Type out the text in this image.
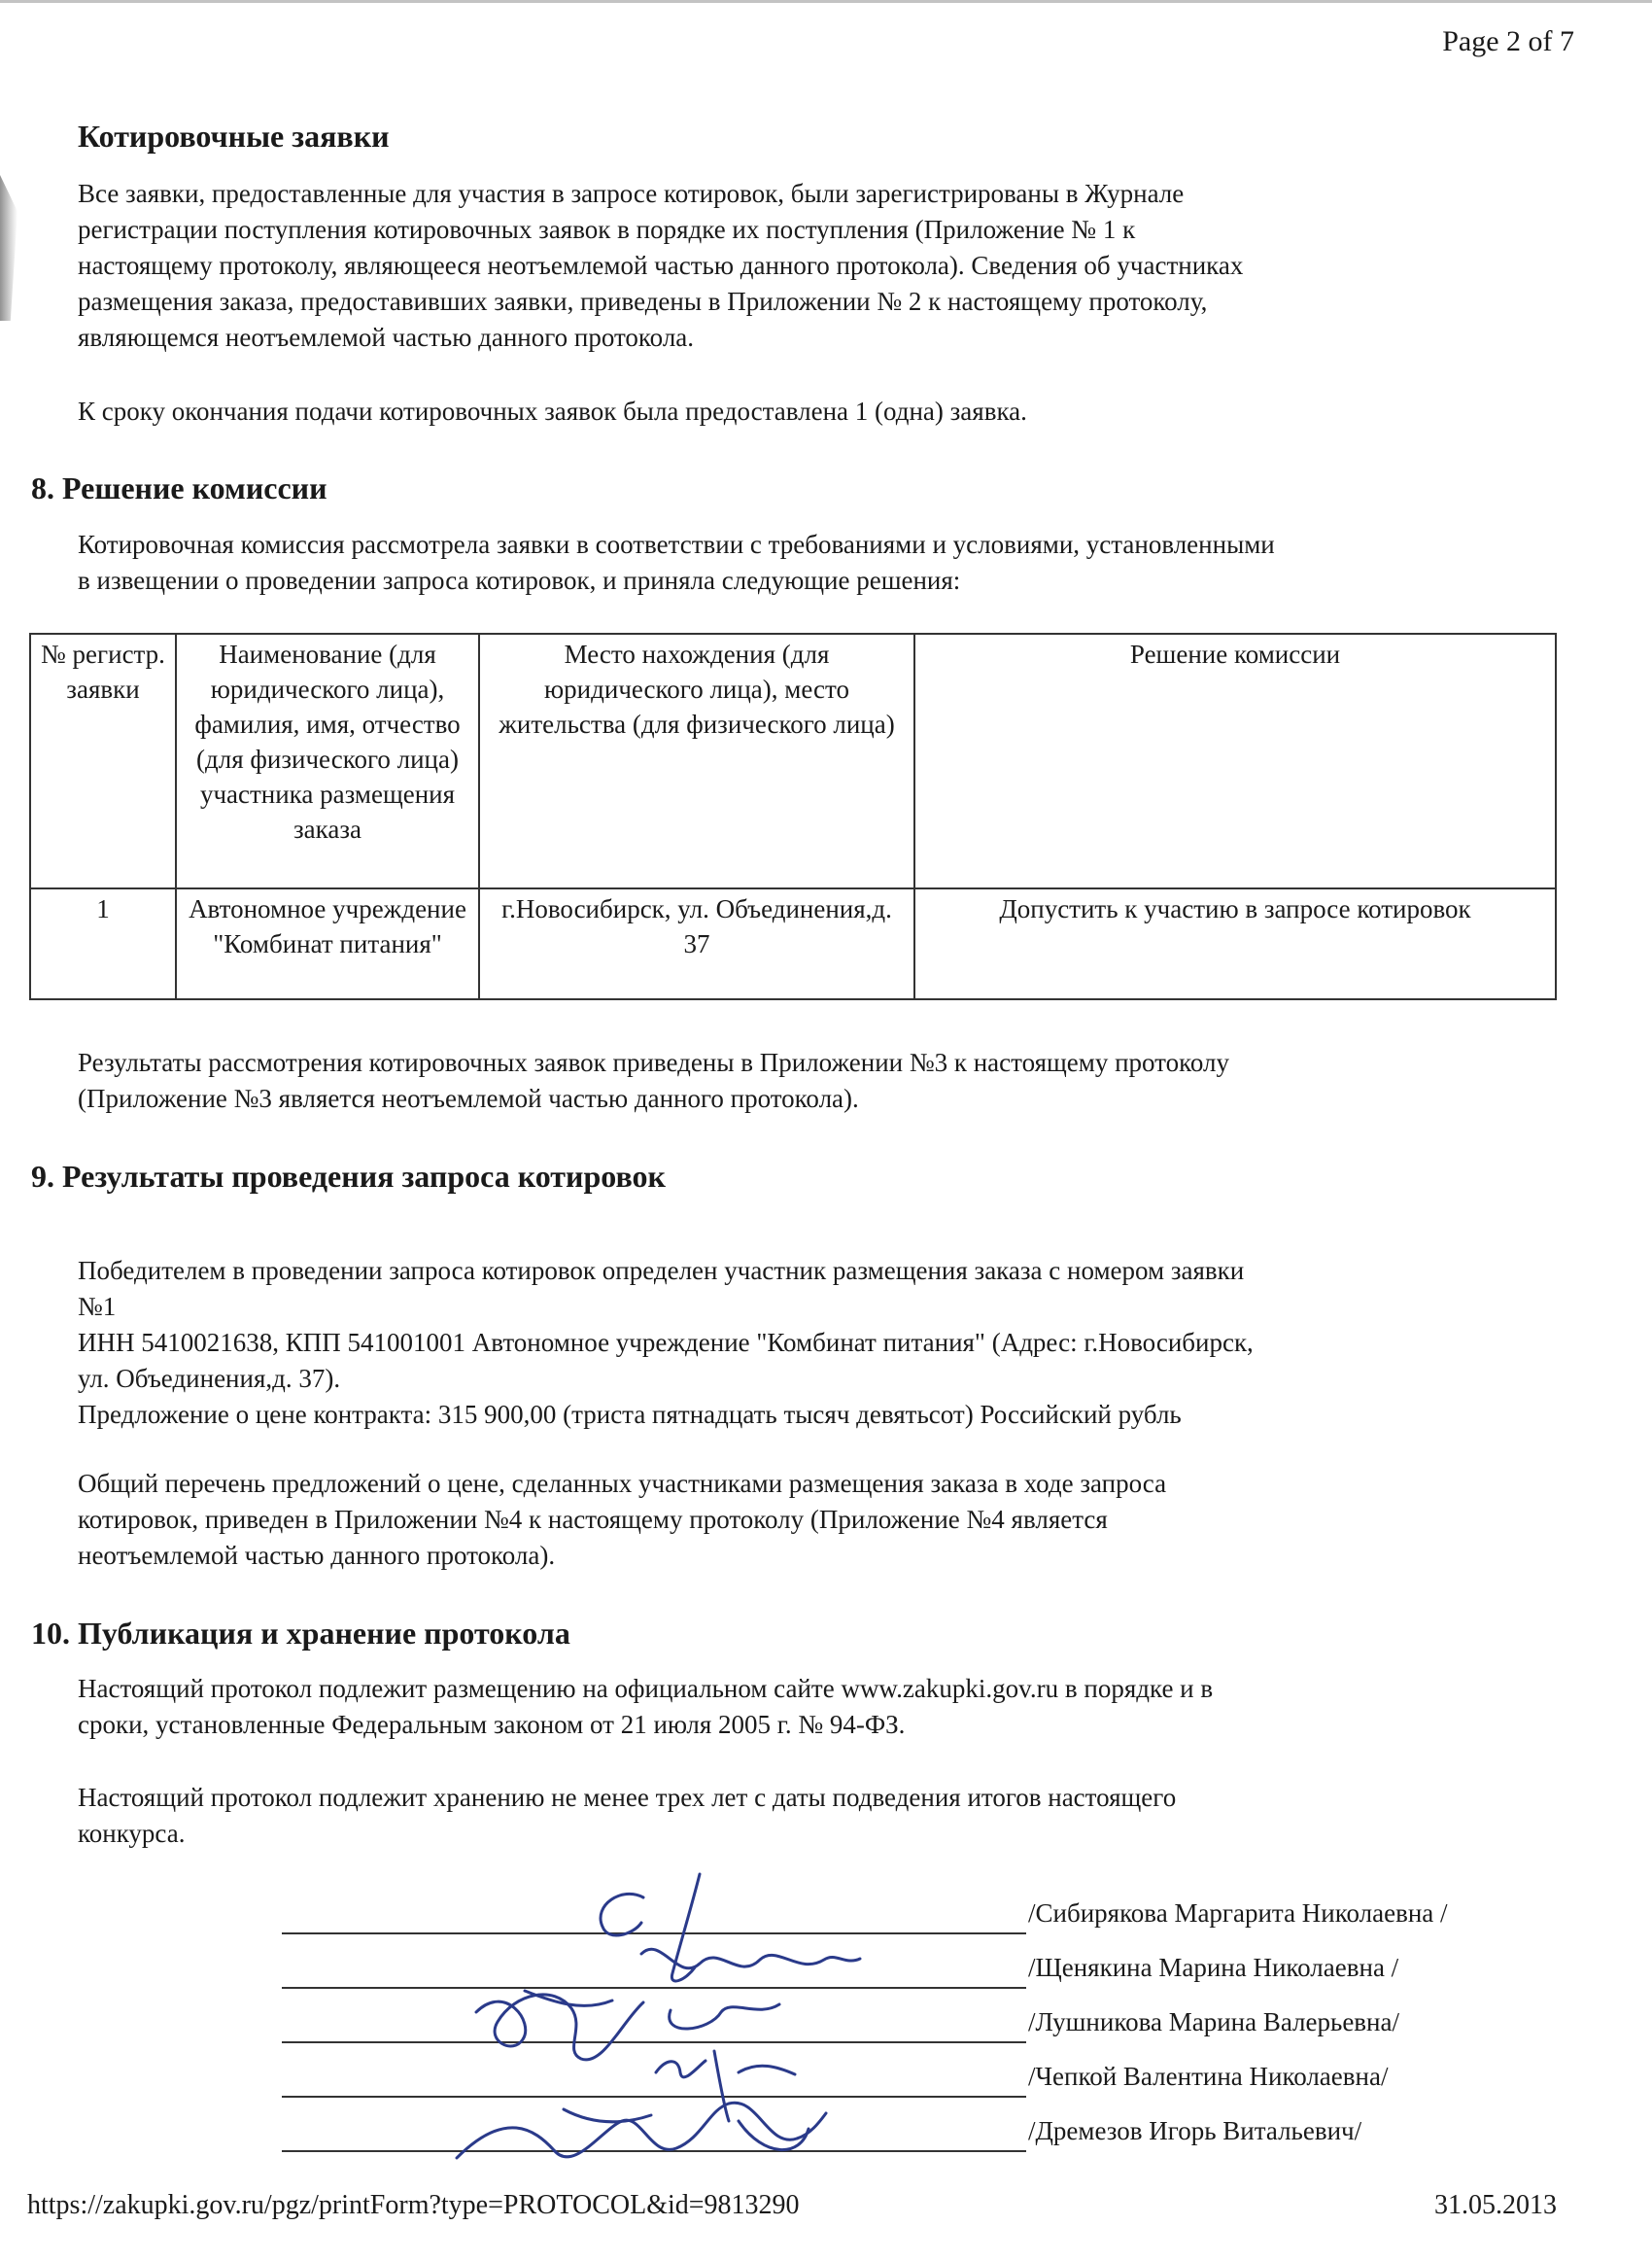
Page 2 of 7
Котировочные заявки
Все заявки, предоставленные для участия в запросе котировок, были зарегистрированы в Журнале
регистрации поступления котировочных заявок в порядке их поступления (Приложение № 1 к
настоящему протоколу, являющееся неотъемлемой частью данного протокола). Сведения об участниках
размещения заказа, предоставивших заявки, приведены в Приложении № 2 к настоящему протоколу,
являющемся неотъемлемой частью данного протокола.
К сроку окончания подачи котировочных заявок была предоставлена 1 (одна) заявка.
8. Решение комиссии
Котировочная комиссия рассмотрела заявки в соответствии с требованиями и условиями, установленными
в извещении о проведении запроса котировок, и приняла следующие решения:
№ регистр. заявки	Наименование (для юридического лица), фамилия, имя, отчество (для физического лица) участника размещения заказа	Место нахождения (для юридического лица), место жительства (для физического лица)	Решение комиссии
1	Автономное учреждение "Комбинат питания"	г.Новосибирск, ул. Объединения,д. 37	Допустить к участию в запросе котировок
Результаты рассмотрения котировочных заявок приведены в Приложении №3 к настоящему протоколу
(Приложение №3 является неотъемлемой частью данного протокола).
9. Результаты проведения запроса котировок
Победителем в проведении запроса котировок определен участник размещения заказа с номером заявки
№1
ИНН 5410021638, КПП 541001001 Автономное учреждение "Комбинат питания" (Адрес: г.Новосибирск,
ул. Объединения,д. 37).
Предложение о цене контракта: 315 900,00 (триста пятнадцать тысяч девятьсот) Российский рубль
Общий перечень предложений о цене, сделанных участниками размещения заказа в ходе запроса
котировок, приведен в Приложении №4 к настоящему протоколу (Приложение №4 является
неотъемлемой частью данного протокола).
10. Публикация и хранение протокола
Настоящий протокол подлежит размещению на официальном сайте www.zakupki.gov.ru в порядке и в
сроки, установленные Федеральным законом от 21 июля 2005 г. № 94-ФЗ.
Настоящий протокол подлежит хранению не менее трех лет с даты подведения итогов настоящего
конкурса.
/Сибирякова Маргарита Николаевна /
/Щенякина Марина Николаевна /
/Лушникова Марина Валерьевна/
/Чепкой Валентина Николаевна/
/Дремезов Игорь Витальевич/
https://zakupki.gov.ru/pgz/printForm?type=PROTOCOL&id=9813290	31.05.2013
